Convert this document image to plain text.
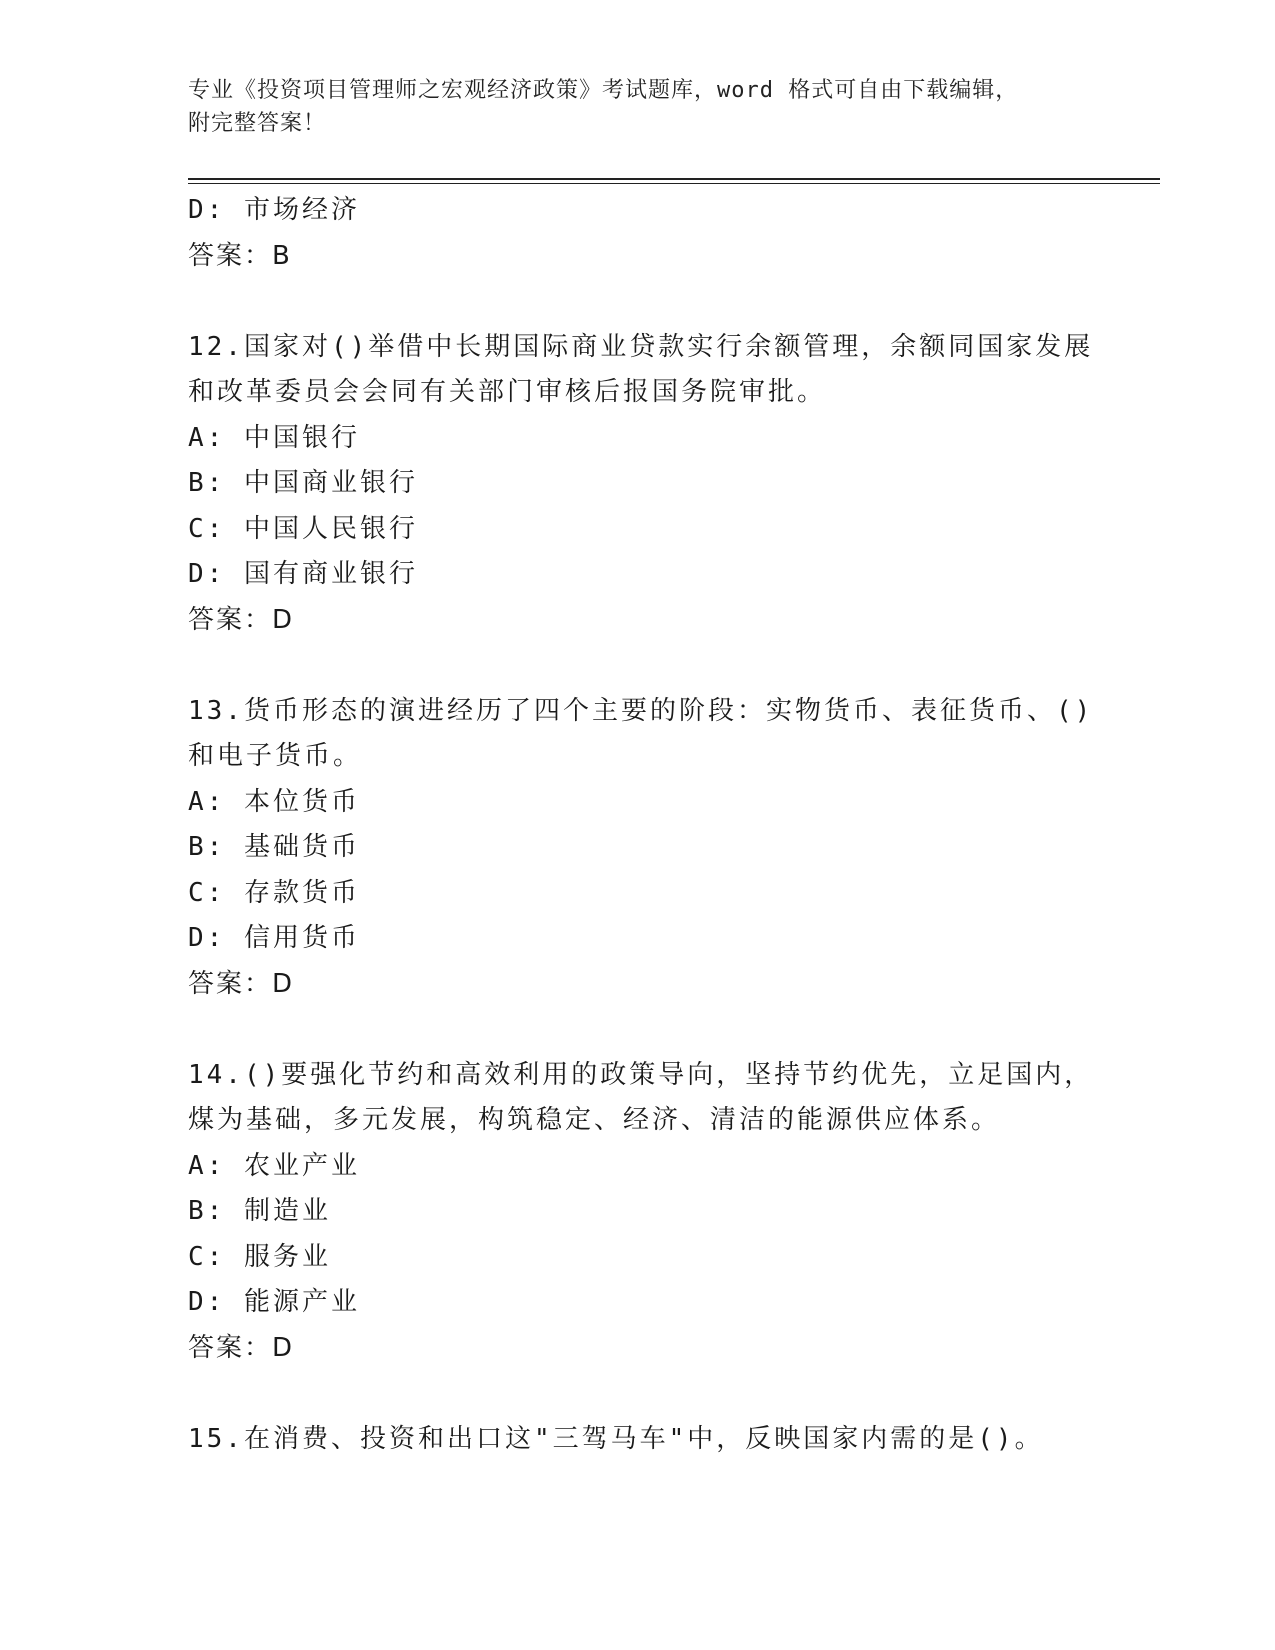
专业《投资项目管理师之宏观经济政策》考试题库，word 格式可自由下载编辑，
附完整答案！
D: 市场经济
答案：B
12.国家对()举借中长期国际商业贷款实行余额管理，余额同国家发展
和改革委员会会同有关部门审核后报国务院审批。
A: 中国银行
B: 中国商业银行
C: 中国人民银行
D: 国有商业银行
答案：D
13.货币形态的演进经历了四个主要的阶段：实物货币、表征货币、()
和电子货币。
A: 本位货币
B: 基础货币
C: 存款货币
D: 信用货币
答案：D
14.()要强化节约和高效利用的政策导向，坚持节约优先，立足国内，
煤为基础，多元发展，构筑稳定、经济、清洁的能源供应体系。
A: 农业产业
B: 制造业
C: 服务业
D: 能源产业
答案：D
15.在消费、投资和出口这"三驾马车"中，反映国家内需的是()。
